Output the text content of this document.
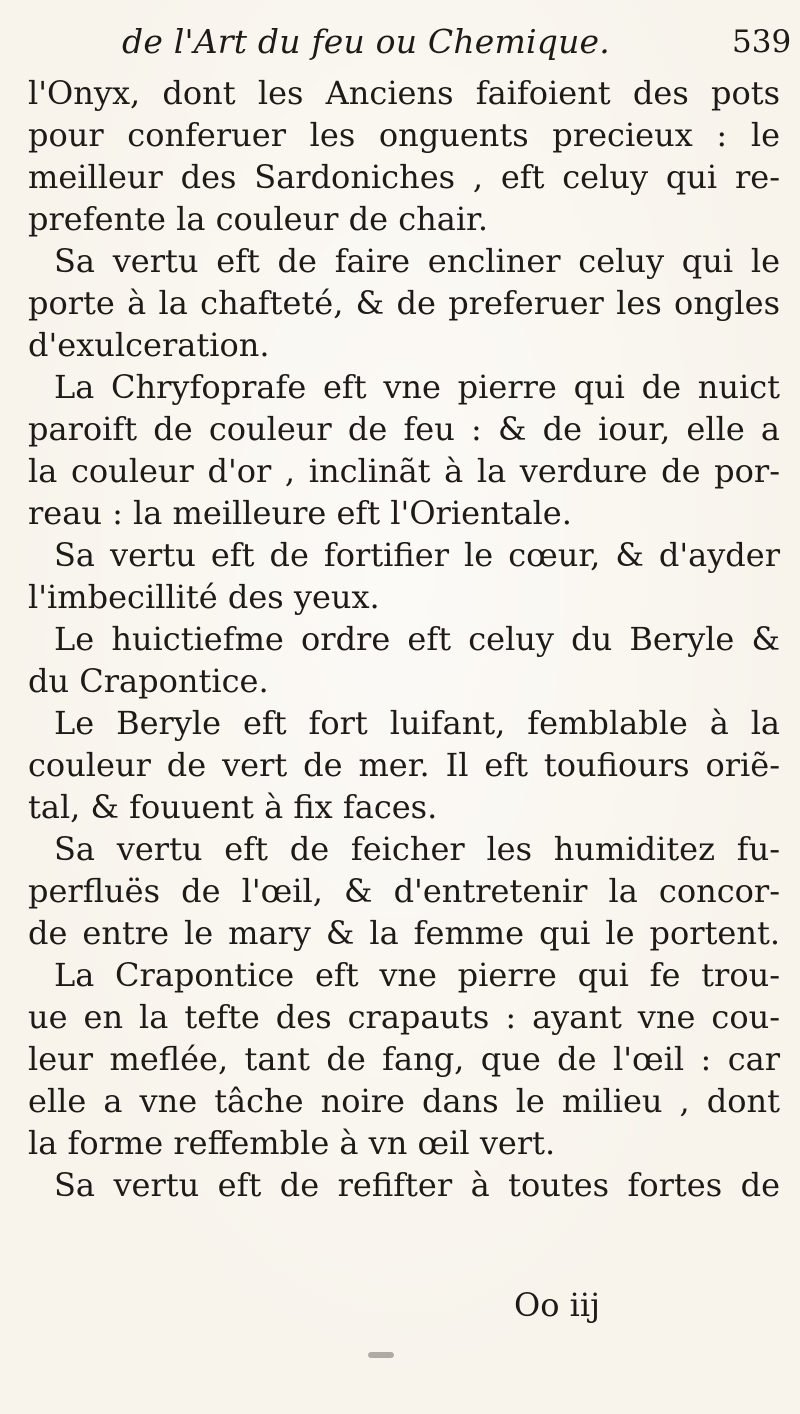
de l'Art du feu ou Chemique.	539
l'Onyx, dont les Anciens faifoient des pots
pour conferuer les onguents precieux : le
meilleur des Sardoniches , eft celuy qui re-
prefente la couleur de chair.
Sa vertu eft de faire encliner celuy qui le
porte à la chafteté, & de preferuer les ongles
d'exulceration.
La Chryfoprafe eft vne pierre qui de nuict
paroift de couleur de feu : & de iour, elle a
la couleur d'or , inclinãt à la verdure de por-
reau : la meilleure eft l'Orientale.
Sa vertu eft de fortifier le cœur, & d'ayder
l'imbecillité des yeux.
Le huictiefme ordre eft celuy du Beryle &
du Crapontice.
Le Beryle eft fort luifant, femblable à la
couleur de vert de mer. Il eft toufiours oriẽ-
tal, & fouuent à fix faces.
Sa vertu eft de feicher les humiditez fu-
perfluës de l'œil, & d'entretenir la concor-
de entre le mary & la femme qui le portent.
La Crapontice eft vne pierre qui fe trou-
ue en la tefte des crapauts : ayant vne cou-
leur meflée, tant de fang, que de l'œil : car
elle a vne tâche noire dans le milieu , dont
la forme reffemble à vn œil vert.
Sa vertu eft de refifter à toutes fortes de
Oo iij
